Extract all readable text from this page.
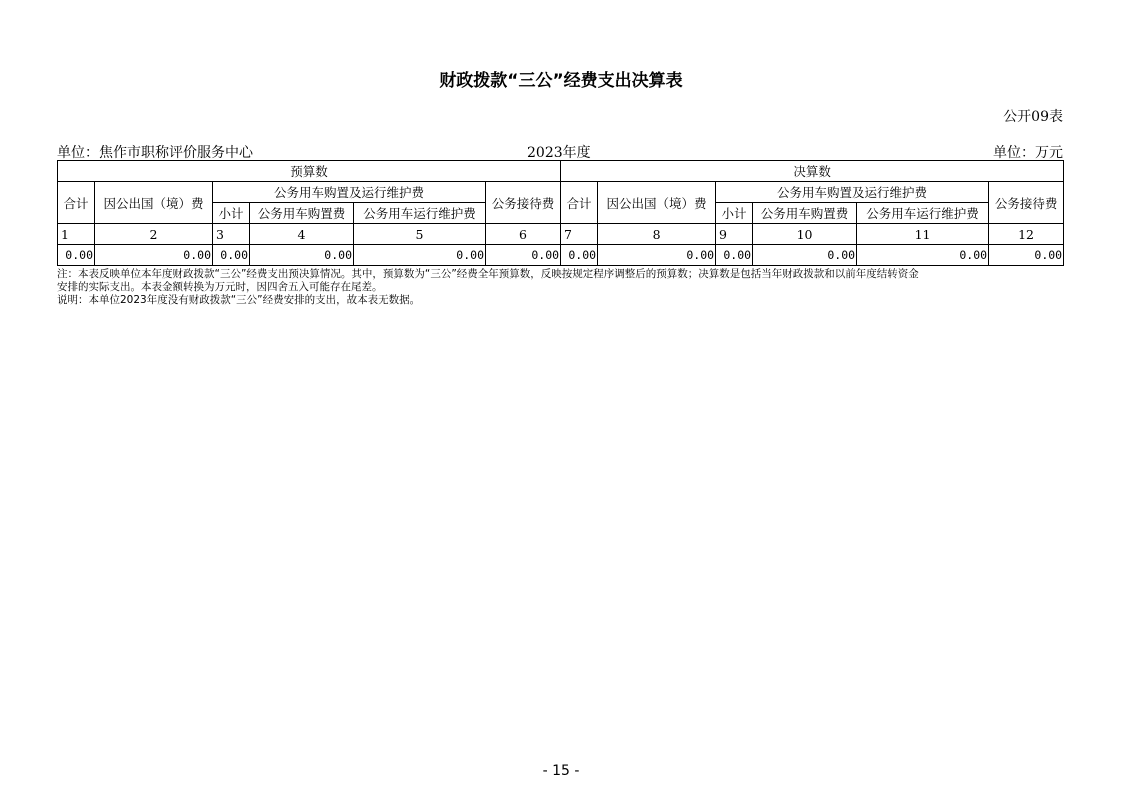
财政拨款“三公”经费支出决算表
公开09表
单位：焦作市职称评价服务中心	2023年度	单位：万元
预算数						决算数					
合计	因公出国（境）费	公务用车购置及运行维护费			公务接待费	合计	因公出国（境）费	公务用车购置及运行维护费			公务接待费
		小计	公务用车购置费	公务用车运行维护费				小计	公务用车购置费	公务用车运行维护费	
1	2	3	4	5	6	7	8	9	10	11	12
0.00	0.00	0.00	0.00	0.00	0.00	0.00	0.00	0.00	0.00	0.00	0.00
注：本表反映单位本年度财政拨款“三公”经费支出预决算情况。其中，预算数为“三公”经费全年预算数，反映按规定程序调整后的预算数；决算数是包括当年财政拨款和以前年度结转资金
安排的实际支出。本表金额转换为万元时，因四舍五入可能存在尾差。
说明：本单位2023年度没有财政拨款“三公”经费安排的支出，故本表无数据。
- 15 -
